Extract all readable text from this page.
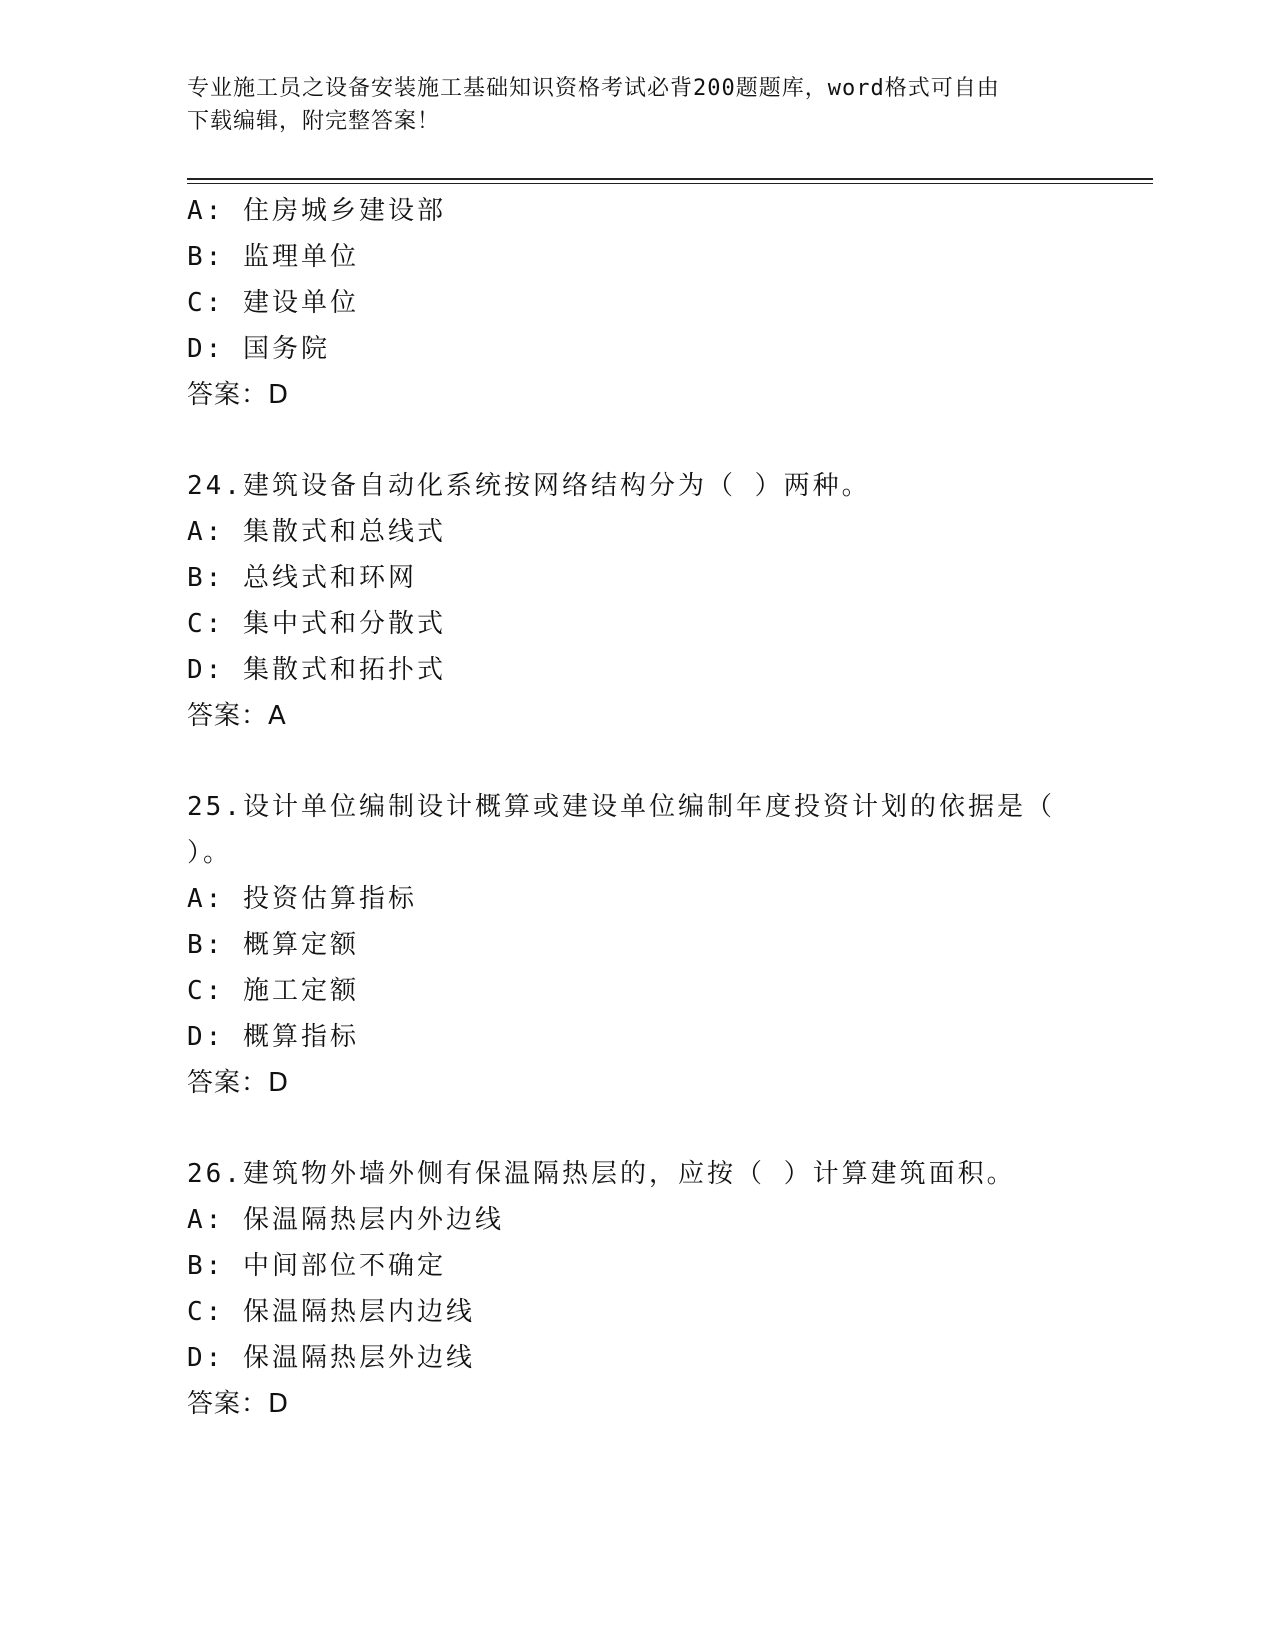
专业施工员之设备安装施工基础知识资格考试必背200题题库，word格式可自由
下载编辑，附完整答案！
A: 住房城乡建设部
B: 监理单位
C: 建设单位
D: 国务院
答案：D
24.建筑设备自动化系统按网络结构分为（ ）两种。
A: 集散式和总线式
B: 总线式和环网
C: 集中式和分散式
D: 集散式和拓扑式
答案：A
25.设计单位编制设计概算或建设单位编制年度投资计划的依据是（
）。
A: 投资估算指标
B: 概算定额
C: 施工定额
D: 概算指标
答案：D
26.建筑物外墙外侧有保温隔热层的，应按（ ）计算建筑面积。
A: 保温隔热层内外边线
B: 中间部位不确定
C: 保温隔热层内边线
D: 保温隔热层外边线
答案：D
